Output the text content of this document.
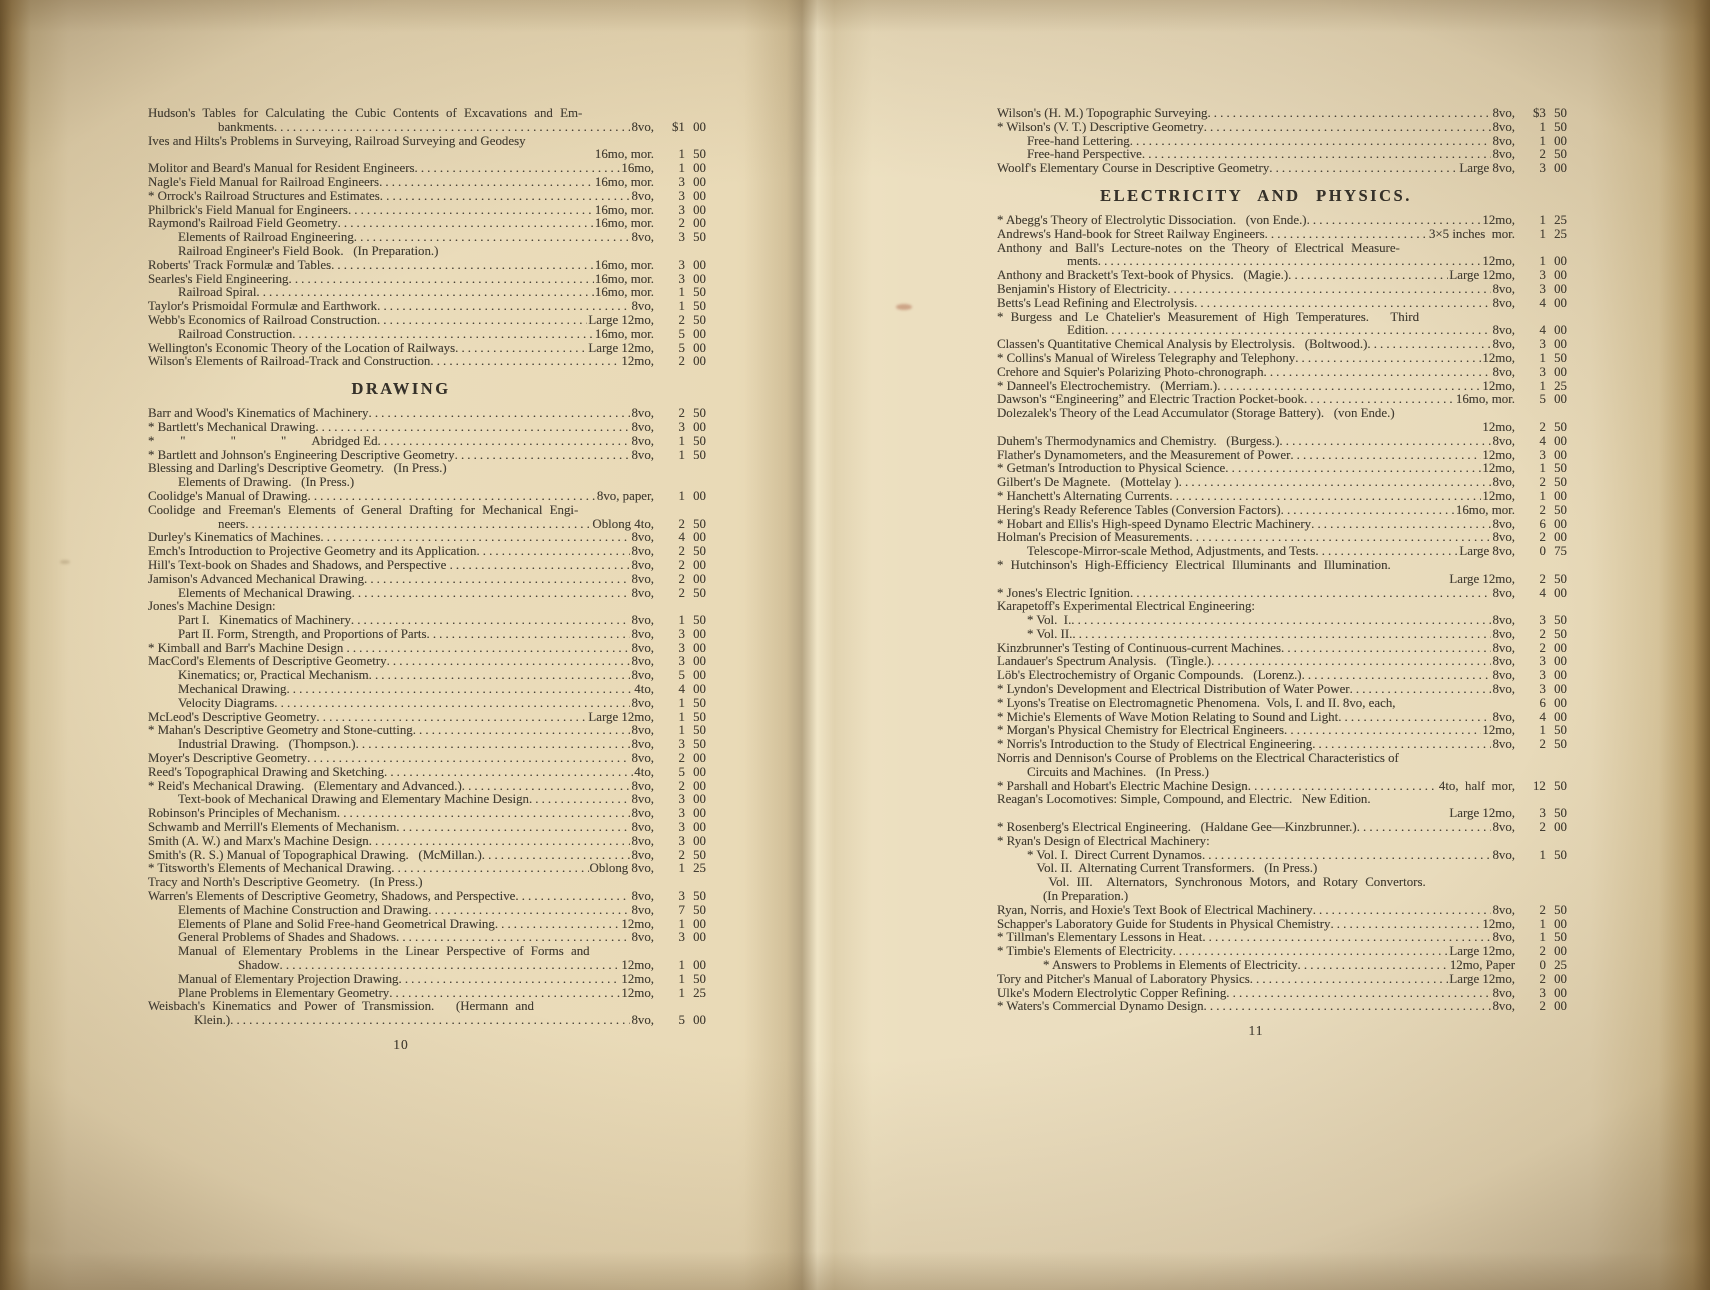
Hudson's Tables for Calculating the Cubic Contents of Excavations and Em-
bankments .....	8vo,	$1 00
Ives and Hilts's Problems in Surveying, Railroad Surveying and Geodesy
16mo, mor.	1 50
Molitor and Beard's Manual for Resident Engineers .....	16mo,	1 00
Nagle's Field Manual for Railroad Engineers .....	16mo, mor.	3 00
* Orrock's Railroad Structures and Estimates .....	8vo,	3 00
Philbrick's Field Manual for Engineers .....	16mo, mor.	3 00
Raymond's Railroad Field Geometry .....	16mo, mor.	2 00
Elements of Railroad Engineering .....	8vo,	3 50
Railroad Engineer's Field Book.   (In Preparation.)
Roberts' Track Formulæ and Tables .....	16mo, mor.	3 00
Searles's Field Engineering .....	16mo, mor.	3 00
Railroad Spiral .....	16mo, mor.	1 50
Taylor's Prismoidal Formulæ and Earthwork .....	8vo,	1 50
Webb's Economics of Railroad Construction .....	Large 12mo,	2 50
Railroad Construction .....	16mo, mor.	5 00
Wellington's Economic Theory of the Location of Railways .....	Large 12mo,	5 00
Wilson's Elements of Railroad-Track and Construction .....	12mo,	2 00
DRAWING
Barr and Wood's Kinematics of Machinery .....	8vo,	2 50
* Bartlett's Mechanical Drawing .....	8vo,	3 00
*        "              "              "        Abridged Ed .....	8vo,	1 50
* Bartlett and Johnson's Engineering Descriptive Geometry .....	8vo,	1 50
Blessing and Darling's Descriptive Geometry.   (In Press.)
Elements of Drawing.   (In Press.)
Coolidge's Manual of Drawing .....	8vo, paper,	1 00
Coolidge and Freeman's Elements of General Drafting for Mechanical Engi-
neers .....	Oblong 4to,	2 50
Durley's Kinematics of Machines .....	8vo,	4 00
Emch's Introduction to Projective Geometry and its Application .....	8vo,	2 50
Hill's Text-book on Shades and Shadows, and Perspective .....	8vo,	2 00
Jamison's Advanced Mechanical Drawing .....	8vo,	2 00
Elements of Mechanical Drawing .....	8vo,	2 50
Jones's Machine Design:
Part I.   Kinematics of Machinery .....	8vo,	1 50
Part II. Form, Strength, and Proportions of Parts .....	8vo,	3 00
* Kimball and Barr's Machine Design .....	8vo,	3 00
MacCord's Elements of Descriptive Geometry .....	8vo,	3 00
Kinematics; or, Practical Mechanism .....	8vo,	5 00
Mechanical Drawing .....	4to,	4 00
Velocity Diagrams .....	8vo,	1 50
McLeod's Descriptive Geometry .....	Large 12mo,	1 50
* Mahan's Descriptive Geometry and Stone-cutting .....	8vo,	1 50
Industrial Drawing.   (Thompson.) .....	8vo,	3 50
Moyer's Descriptive Geometry .....	8vo,	2 00
Reed's Topographical Drawing and Sketching .....	4to,	5 00
* Reid's Mechanical Drawing.   (Elementary and Advanced.) .....	8vo,	2 00
Text-book of Mechanical Drawing and Elementary Machine Design .....	8vo,	3 00
Robinson's Principles of Mechanism .....	8vo,	3 00
Schwamb and Merrill's Elements of Mechanism .....	8vo,	3 00
Smith (A. W.) and Marx's Machine Design .....	8vo,	3 00
Smith's (R. S.) Manual of Topographical Drawing.   (McMillan.) .....	8vo,	2 50
* Titsworth's Elements of Mechanical Drawing .....	Oblong 8vo,	1 25
Tracy and North's Descriptive Geometry.   (In Press.)
Warren's Elements of Descriptive Geometry, Shadows, and Perspective .....	8vo,	3 50
Elements of Machine Construction and Drawing .....	8vo,	7 50
Elements of Plane and Solid Free-hand Geometrical Drawing .....	12mo,	1 00
General Problems of Shades and Shadows .....	8vo,	3 00
Manual of Elementary Problems in the Linear Perspective of Forms and
Shadow .....	12mo,	1 00
Manual of Elementary Projection Drawing .....	12mo,	1 50
Plane Problems in Elementary Geometry .....	12mo,	1 25
Weisbach's Kinematics and Power of Transmission.   (Hermann and
Klein.) .....	8vo,	5 00
10
Wilson's (H. M.) Topographic Surveying .....	8vo,	$3 50
* Wilson's (V. T.) Descriptive Geometry .....	8vo,	1 50
Free-hand Lettering .....	8vo,	1 00
Free-hand Perspective .....	8vo,	2 50
Woolf's Elementary Course in Descriptive Geometry .....	Large 8vo,	3 00
ELECTRICITY AND PHYSICS.
* Abegg's Theory of Electrolytic Dissociation.   (von Ende.) .....	12mo,	1 25
Andrews's Hand-book for Street Railway Engineers .....	3×5 inches  mor.	1 25
Anthony and Ball's Lecture-notes on the Theory of Electrical Measure-
ments .....	12mo,	1 00
Anthony and Brackett's Text-book of Physics.   (Magie.) .....	Large 12mo,	3 00
Benjamin's History of Electricity .....	8vo,	3 00
Betts's Lead Refining and Electrolysis .....	8vo,	4 00
* Burgess and Le Chatelier's Measurement of High Temperatures.   Third
Edition .....	8vo,	4 00
Classen's Quantitative Chemical Analysis by Electrolysis.   (Boltwood.) .....	8vo,	3 00
* Collins's Manual of Wireless Telegraphy and Telephony .....	12mo,	1 50
Crehore and Squier's Polarizing Photo-chronograph .....	8vo,	3 00
* Danneel's Electrochemistry.   (Merriam.) .....	12mo,	1 25
Dawson's “Engineering” and Electric Traction Pocket-book .....	16mo, mor.	5 00
Dolezalek's Theory of the Lead Accumulator (Storage Battery).   (von Ende.)
12mo,	2 50
Duhem's Thermodynamics and Chemistry.   (Burgess.) .....	8vo,	4 00
Flather's Dynamometers, and the Measurement of Power .....	12mo,	3 00
* Getman's Introduction to Physical Science. .....	12mo,	1 50
Gilbert's De Magnete.   (Mottelay ) .....	8vo,	2 50
* Hanchett's Alternating Currents .....	12mo,	1 00
Hering's Ready Reference Tables (Conversion Factors) .....	16mo, mor.	2 50
* Hobart and Ellis's High-speed Dynamo Electric Machinery .....	8vo,	6 00
Holman's Precision of Measurements .....	8vo,	2 00
Telescope-Mirror-scale Method, Adjustments, and Tests .....	Large 8vo,	0 75
* Hutchinson's High-Efficiency Electrical Illuminants and Illumination.
Large 12mo,	2 50
* Jones's Electric Ignition .....	8vo,	4 00
Karapetoff's Experimental Electrical Engineering:
* Vol.  I. .....	8vo,	3 50
* Vol. II. .....	8vo,	2 50
Kinzbrunner's Testing of Continuous-current Machines .....	8vo,	2 00
Landauer's Spectrum Analysis.   (Tingle.) .....	8vo,	3 00
Löb's Electrochemistry of Organic Compounds.   (Lorenz.) .....	8vo,	3 00
* Lyndon's Development and Electrical Distribution of Water Power .....	8vo,	3 00
* Lyons's Treatise on Electromagnetic Phenomena.  Vols, I. and II. 8vo, each,	6 00
* Michie's Elements of Wave Motion Relating to Sound and Light .....	8vo,	4 00
* Morgan's Physical Chemistry for Electrical Engineers .....	12mo,	1 50
* Norris's Introduction to the Study of Electrical Engineering .....	8vo,	2 50
Norris and Dennison's Course of Problems on the Electrical Characteristics of
Circuits and Machines.   (In Press.)
* Parshall and Hobart's Electric Machine Design .....	4to,  half  mor,	12 50
Reagan's Locomotives: Simple, Compound, and Electric.   New Edition.
Large 12mo,	3 50
* Rosenberg's Electrical Engineering.   (Haldane Gee—Kinzbrunner.) .....	8vo,	2 00
* Ryan's Design of Electrical Machinery:
* Vol. I.  Direct Current Dynamos .....	8vo,	1 50
Vol. II.  Alternating Current Transformers.   (In Press.)
Vol. III.  Alternators, Synchronous Motors, and Rotary Convertors.
(In Preparation.)
Ryan, Norris, and Hoxie's Text Book of Electrical Machinery .....	8vo,	2 50
Schapper's Laboratory Guide for Students in Physical Chemistry .....	12mo,	1 00
* Tillman's Elementary Lessons in Heat .....	8vo,	1 50
* Timbie's Elements of Electricity .....	Large 12mo,	2 00
* Answers to Problems in Elements of Electricity .....	12mo, Paper	0 25
Tory and Pitcher's Manual of Laboratory Physics .....	Large 12mo,	2 00
Ulke's Modern Electrolytic Copper Refining .....	8vo,	3 00
* Waters's Commercial Dynamo Design .....	8vo,	2 00
11
